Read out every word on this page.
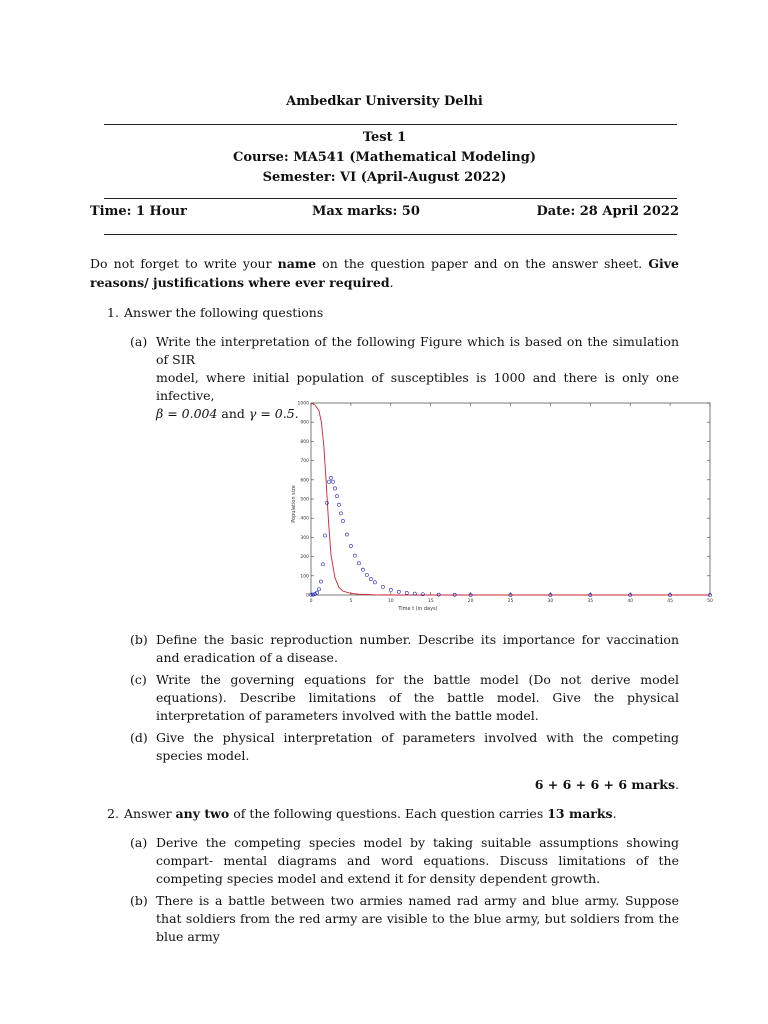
Ambedkar University Delhi
Test 1
Course: MA541 (Mathematical Modeling)
Semester: VI (April-August 2022)
Time: 1 Hour	Max marks: 50	Date: 28 April 2022
Do not forget to write your name on the question paper and on the answer sheet. Give reasons/ justifications where ever required.
1. Answer the following questions
(a) Write the interpretation of the following Figure which is based on the simulation of SIR
model, where initial population of susceptibles is 1000 and there is only one infective,
β = 0.004 and γ = 0.5.
0	5	10	15	20	25	30	35	40	45	50
0
100
200
300
400
500
600
700
800
900
1000
Time t (in days)
Population size
(b) Define the basic reproduction number. Describe its importance for vaccination and eradication of a disease.
(c) Write the governing equations for the battle model (Do not derive model equations). Describe limitations of the battle model. Give the physical interpretation of parameters involved with the battle model.
(d) Give the physical interpretation of parameters involved with the competing species model.
6 + 6 + 6 + 6 marks.
2. Answer any two of the following questions. Each question carries 13 marks.
(a) Derive the competing species model by taking suitable assumptions showing compart- mental diagrams and word equations. Discuss limitations of the competing species model and extend it for density dependent growth.
(b) There is a battle between two armies named rad army and blue army. Suppose that soldiers from the red army are visible to the blue army, but soldiers from the blue army
